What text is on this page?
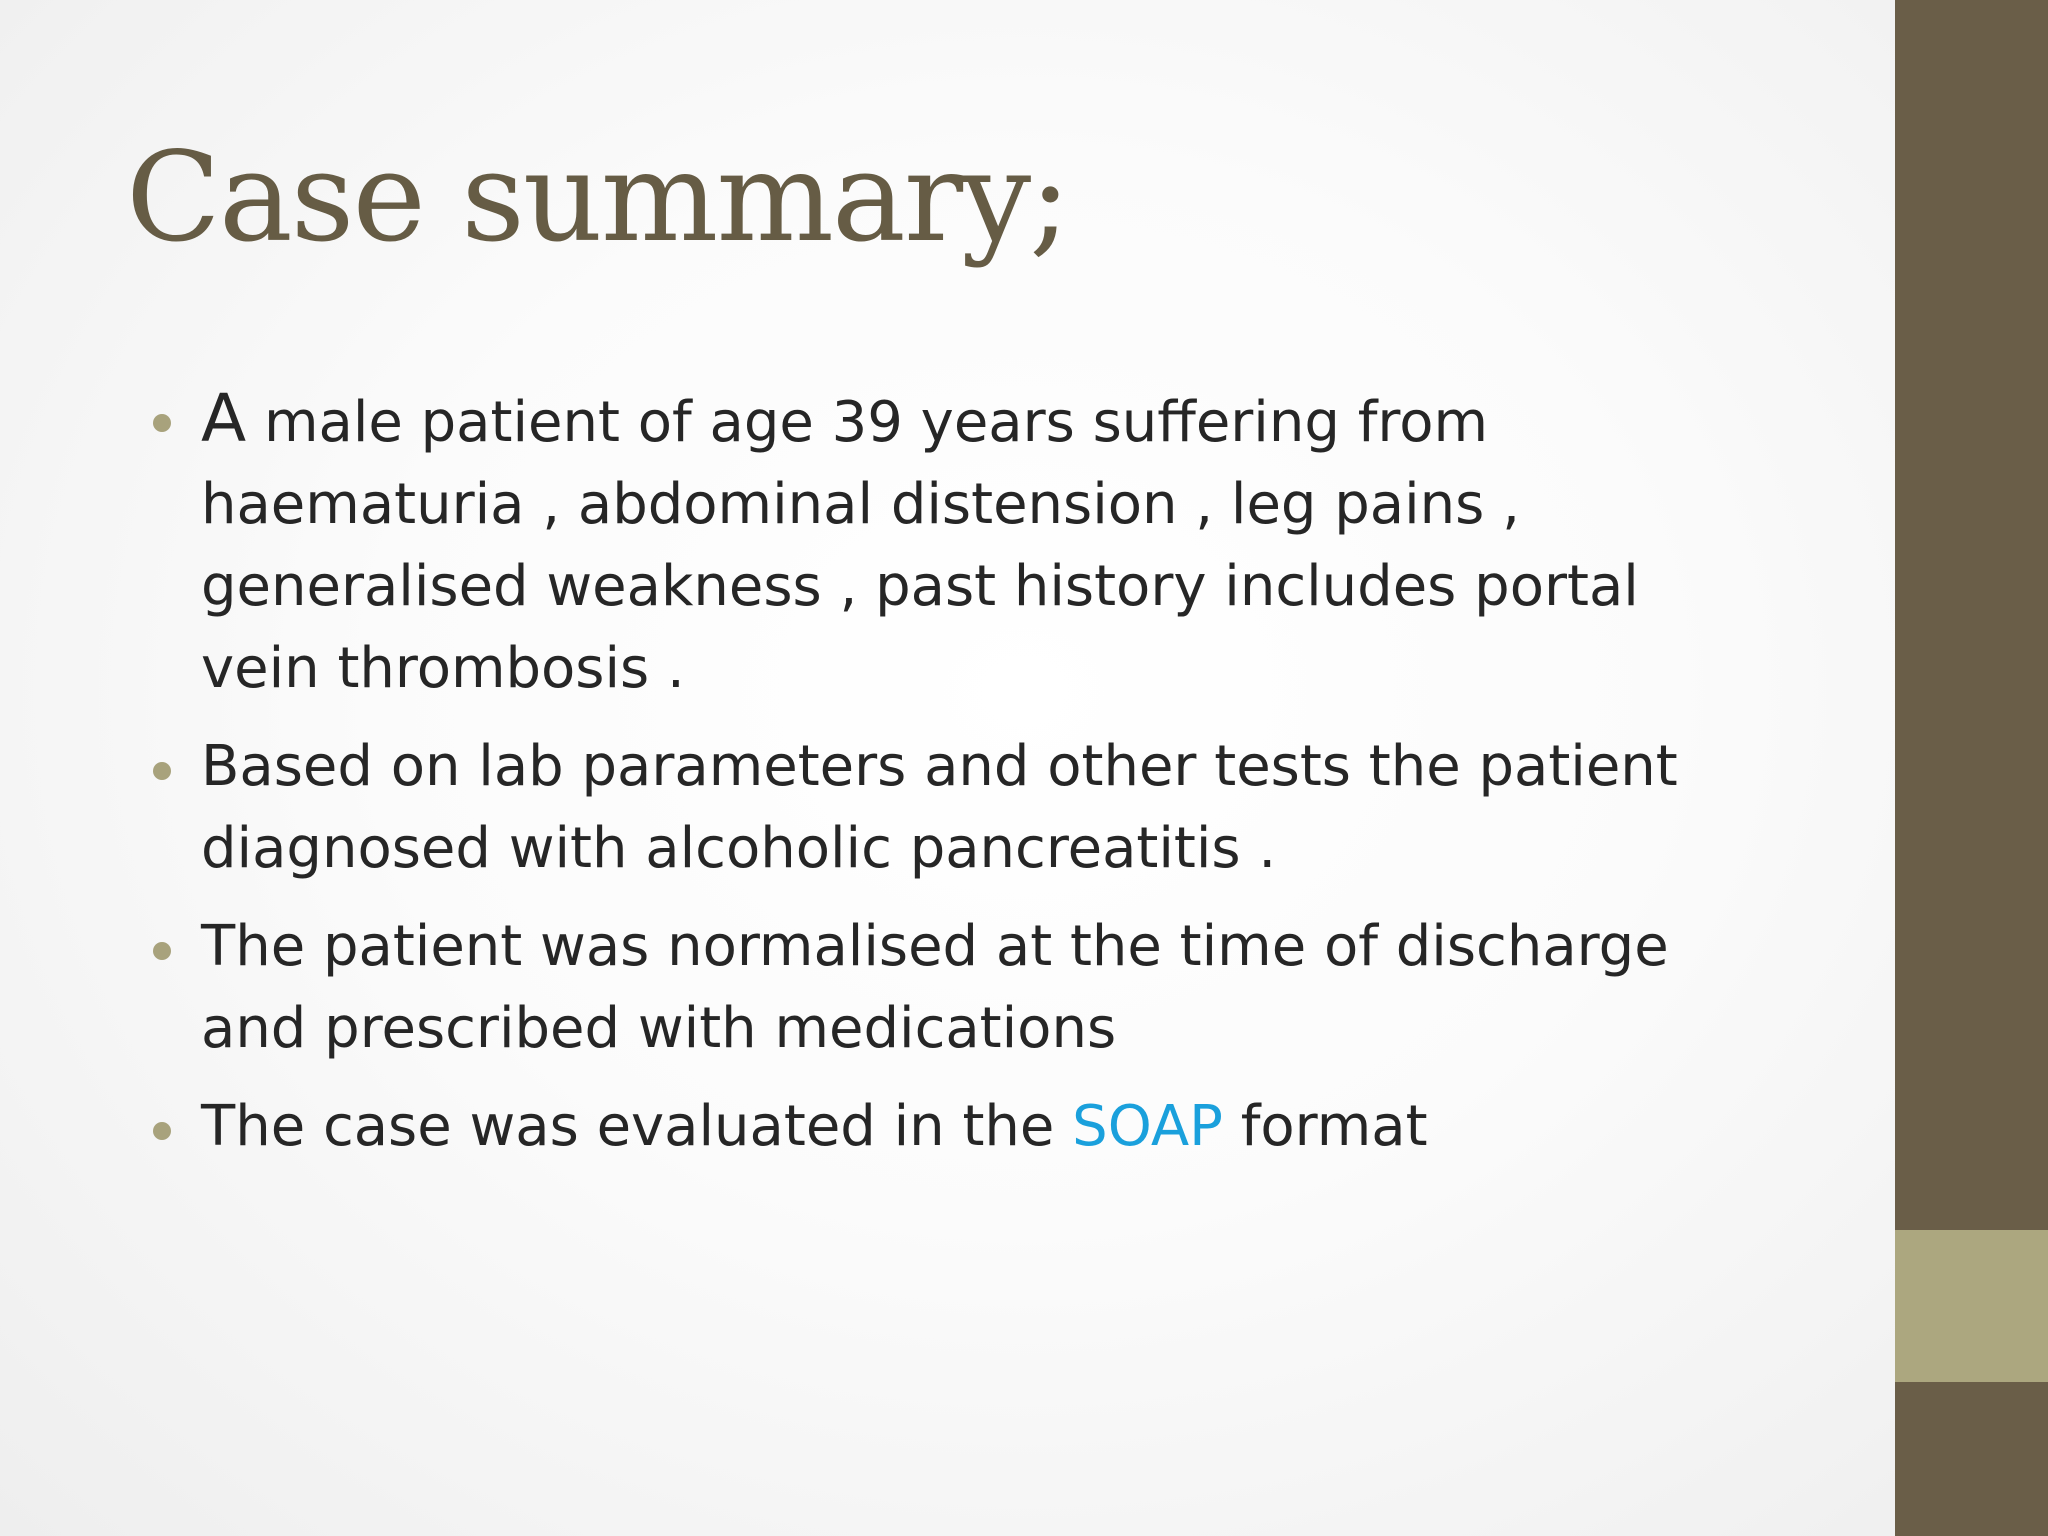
Case summary;
A male patient of age 39 years suffering from haematuria , abdominal distension , leg pains , generalised weakness , past history includes portal vein thrombosis .
Based on lab parameters and other tests the patient diagnosed with alcoholic pancreatitis .
The patient was normalised at the time of discharge and prescribed with medications
The case was evaluated in the SOAP format
